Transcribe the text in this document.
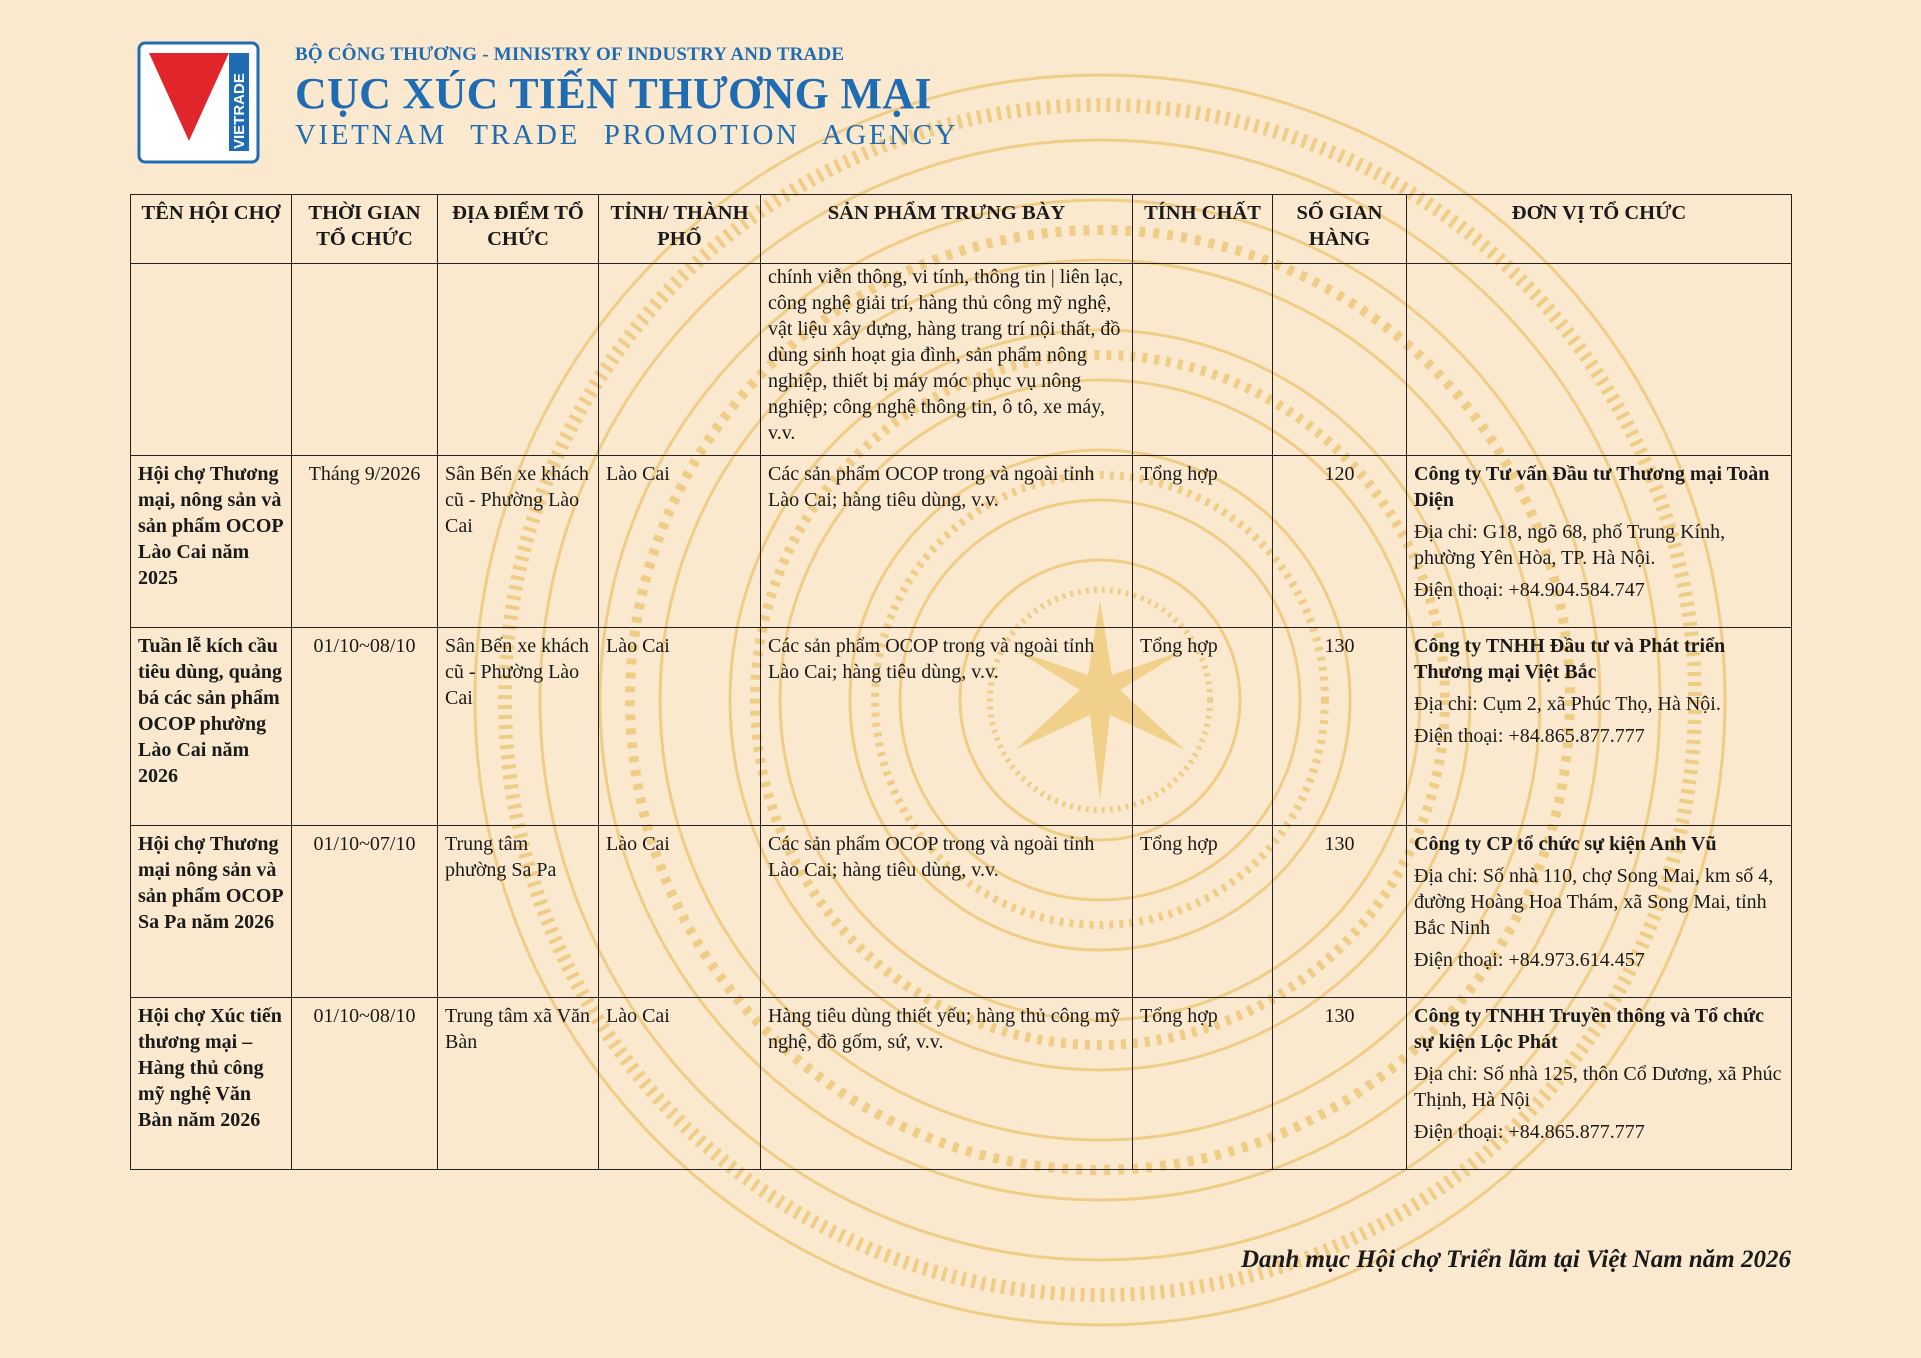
VIETRADE
BỘ CÔNG THƯƠNG - MINISTRY OF INDUSTRY AND TRADE
CỤC XÚC TIẾN THƯƠNG MẠI
VIETNAM TRADE PROMOTION AGENCY
TÊN HỘI CHỢ	THỜI GIAN TỔ CHỨC	ĐỊA ĐIỂM TỔ CHỨC	TỈNH/ THÀNH PHỐ	SẢN PHẨM TRƯNG BÀY	TÍNH CHẤT	SỐ GIAN HÀNG	ĐƠN VỊ TỔ CHỨC
				chính viễn thông, vi tính, thông tin | liên lạc, công nghệ giải trí, hàng thủ công mỹ nghệ, vật liệu xây dựng, hàng trang trí nội thất, đồ dùng sinh hoạt gia đình, sản phẩm nông nghiệp, thiết bị máy móc phục vụ nông nghiệp; công nghệ thông tin, ô tô, xe máy, v.v.			
Hội chợ Thương mại, nông sản và sản phẩm OCOP Lào Cai năm 2025	Tháng 9/2026	Sân Bến xe khách cũ - Phường Lào Cai	Lào Cai	Các sản phẩm OCOP trong và ngoài tỉnh Lào Cai; hàng tiêu dùng, v.v.	Tổng hợp	120	Công ty Tư vấn Đầu tư Thương mại Toàn Diện
Địa chỉ: G18, ngõ 68, phố Trung Kính, phường Yên Hòa, TP. Hà Nội.
Điện thoại: +84.904.584.747

Tuần lễ kích cầu tiêu dùng, quảng bá các sản phẩm OCOP phường Lào Cai năm 2026	01/10~08/10	Sân Bến xe khách cũ - Phường Lào Cai	Lào Cai	Các sản phẩm OCOP trong và ngoài tỉnh Lào Cai; hàng tiêu dùng, v.v.	Tổng hợp	130	Công ty TNHH Đầu tư và Phát triển Thương mại Việt Bắc
Địa chỉ: Cụm 2, xã Phúc Thọ, Hà Nội.
Điện thoại: +84.865.877.777

Hội chợ Thương mại nông sản và sản phẩm OCOP Sa Pa năm 2026	01/10~07/10	Trung tâm phường Sa Pa	Lào Cai	Các sản phẩm OCOP trong và ngoài tỉnh Lào Cai; hàng tiêu dùng, v.v.	Tổng hợp	130	Công ty CP tổ chức sự kiện Anh Vũ
Địa chỉ: Số nhà 110, chợ Song Mai, km số 4, đường Hoàng Hoa Thám, xã Song Mai, tỉnh Bắc Ninh
Điện thoại: +84.973.614.457

Hội chợ Xúc tiến thương mại – Hàng thủ công mỹ nghệ Văn Bàn năm 2026	01/10~08/10	Trung tâm xã Văn Bàn	Lào Cai	Hàng tiêu dùng thiết yếu; hàng thủ công mỹ nghệ, đồ gốm, sứ, v.v.	Tổng hợp	130	Công ty TNHH Truyền thông và Tổ chức sự kiện Lộc Phát
Địa chỉ: Số nhà 125, thôn Cổ Dương, xã Phúc Thịnh, Hà Nội
Điện thoại: +84.865.877.777
Danh mục Hội chợ Triển lãm tại Việt Nam năm 2026
